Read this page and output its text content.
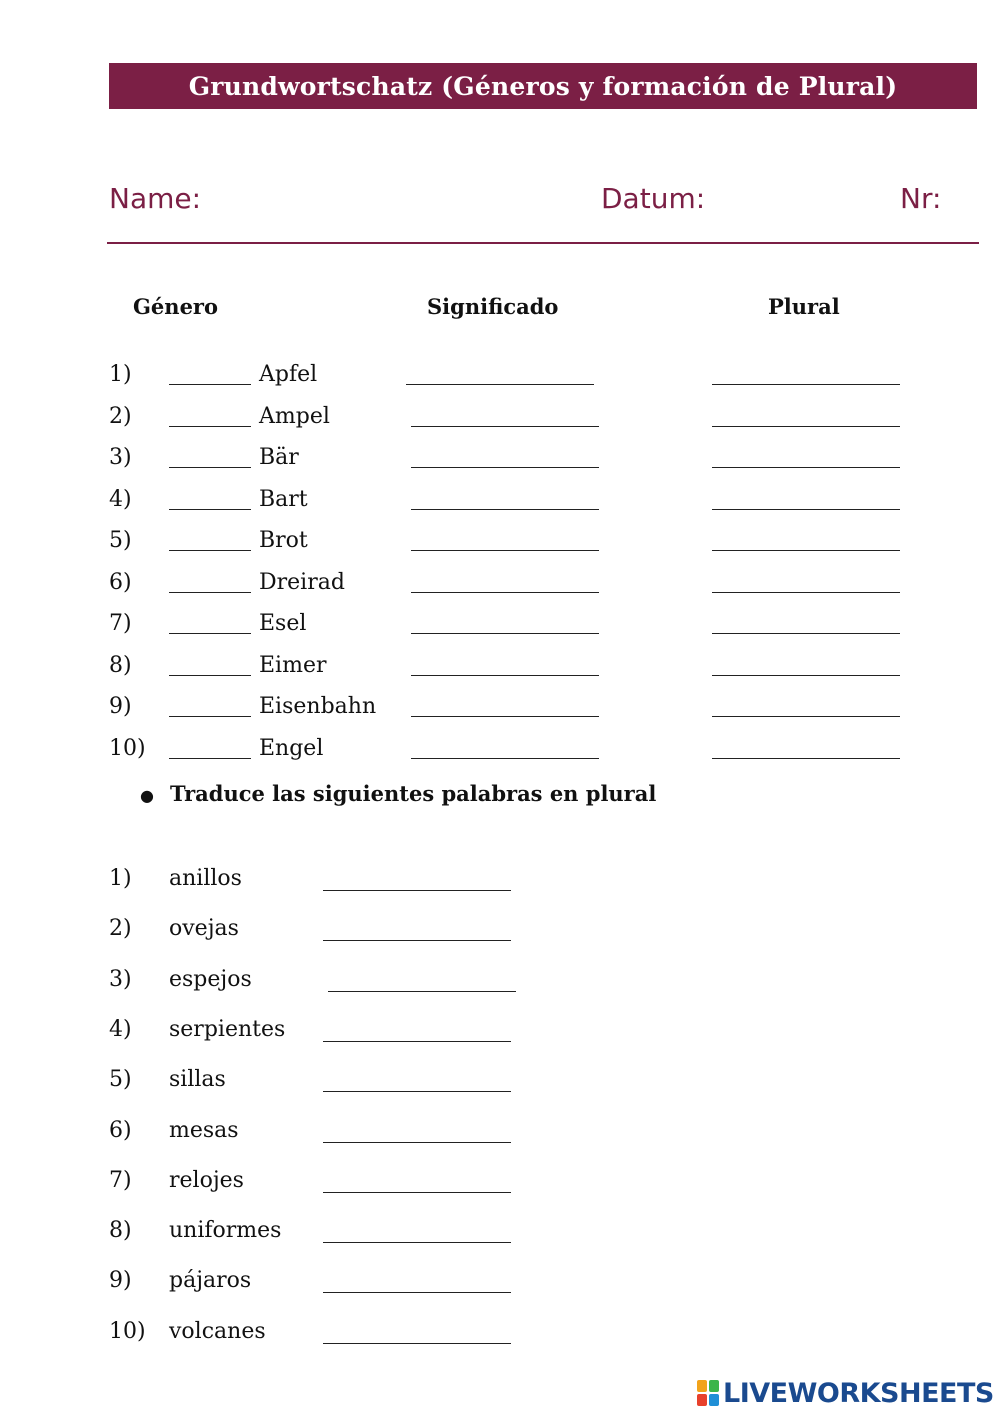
Grundwortschatz (Géneros y formación de Plural)
Name:	Datum:	Nr:
Género	Significado	Plural
1)	Apfel
2)	Ampel
3)	Bär
4)	Bart
5)	Brot
6)	Dreirad
7)	Esel
8)	Eimer
9)	Eisenbahn
10)	Engel
● Traduce las siguientes palabras en plural
1) anillos
2) ovejas
3) espejos
4) serpientes
5) sillas
6) mesas
7) relojes
8) uniformes
9) pájaros
10) volcanes
LIVEWORKSHEETS
